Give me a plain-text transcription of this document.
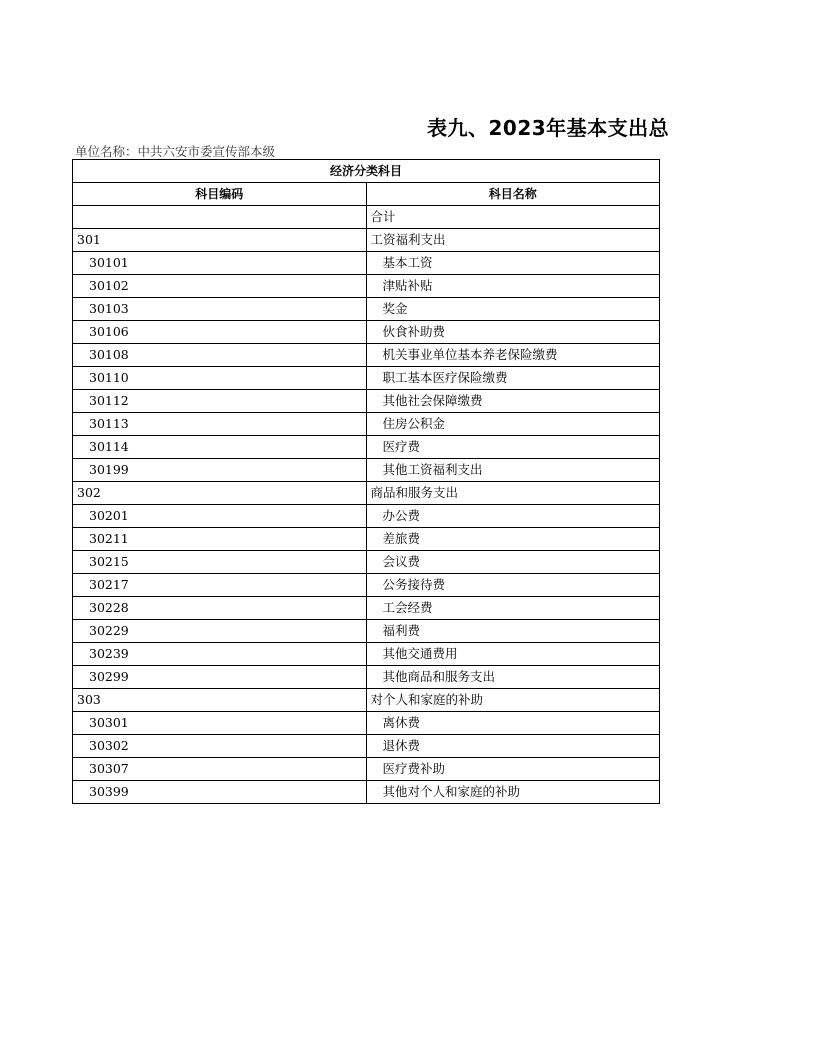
表九、2023年基本支出总
单位名称：中共六安市委宣传部本级
经济分类科目	
科目编码	科目名称
	合计
301	工资福利支出
30101	基本工资
30102	津贴补贴
30103	奖金
30106	伙食补助费
30108	机关事业单位基本养老保险缴费
30110	职工基本医疗保险缴费
30112	其他社会保障缴费
30113	住房公积金
30114	医疗费
30199	其他工资福利支出
302	商品和服务支出
30201	办公费
30211	差旅费
30215	会议费
30217	公务接待费
30228	工会经费
30229	福利费
30239	其他交通费用
30299	其他商品和服务支出
303	对个人和家庭的补助
30301	离休费
30302	退休费
30307	医疗费补助
30399	其他对个人和家庭的补助
